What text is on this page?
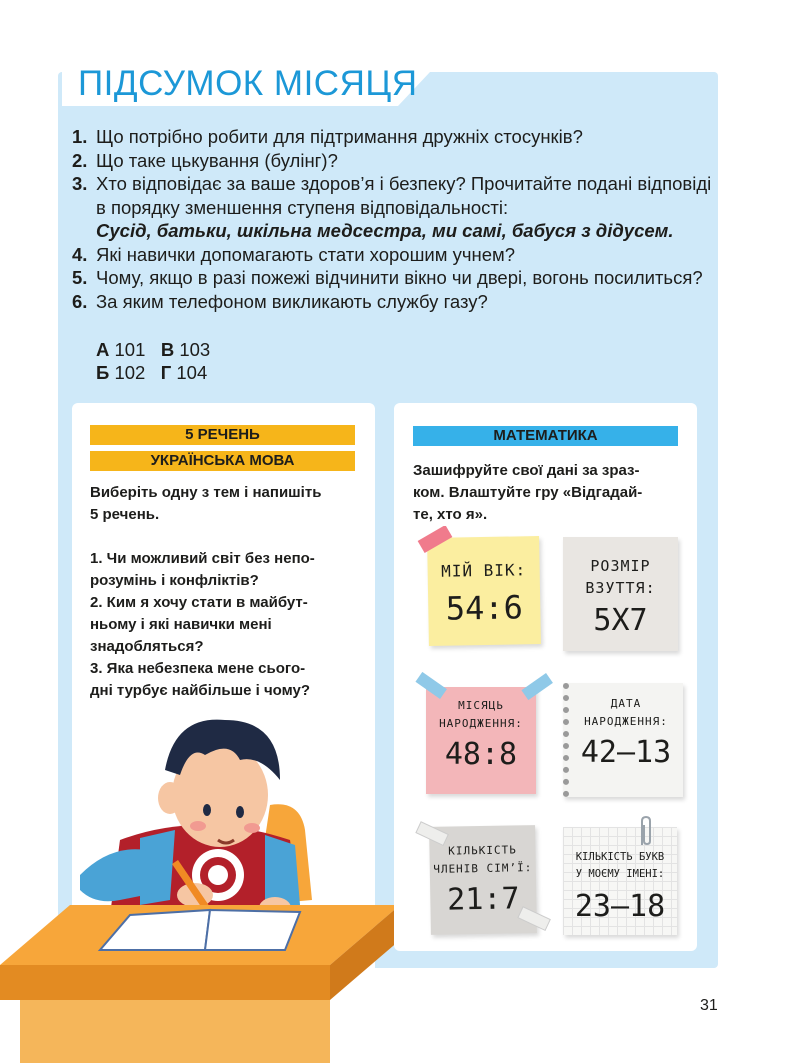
ПІДСУМОК МІСЯЦЯ
1. Що потрібно робити для підтримання дружніх стосунків?
2. Що таке цькування (булінг)?
3. Хто відповідає за ваше здоров’я і безпеку? Прочитайте подані відповіді в порядку зменшення ступеня відповідальності:
Сусід, батьки, шкільна медсестра, ми самі, бабуся з дідусем.
4. Які навички допомагають стати хорошим учнем?
5. Чому, якщо в разі пожежі відчинити вікно чи двері, вогонь посилиться?
6. За яким телефоном викликають службу газу?
А 101 В 103
Б 102 Г 104
5 РЕЧЕНЬ
УКРАЇНСЬКА МОВА
Виберіть одну з тем і напишіть
5 речень.
1. Чи можливий світ без непо-
розумінь і конфліктів?
2. Ким я хочу стати в майбут-
ньому і які навички мені
знадобляться?
3. Яка небезпека мене сього-
дні турбує найбільше і чому?
МАТЕМАТИКА
Зашифруйте свої дані за зраз-
ком. Влаштуйте гру «Відгадай-
те, хто я».
МІЙ ВІК:
54:6
РОЗМІР
ВЗУТТЯ:
5Х7
МІСЯЦЬ
НАРОДЖЕННЯ:
48:8
ДАТА
НАРОДЖЕННЯ:
42–13
КІЛЬКІСТЬ
ЧЛЕНІВ СІМ’Ї:
21:7
КІЛЬКІСТЬ БУКВ
У МОЄМУ ІМЕНІ:
23–18
31
